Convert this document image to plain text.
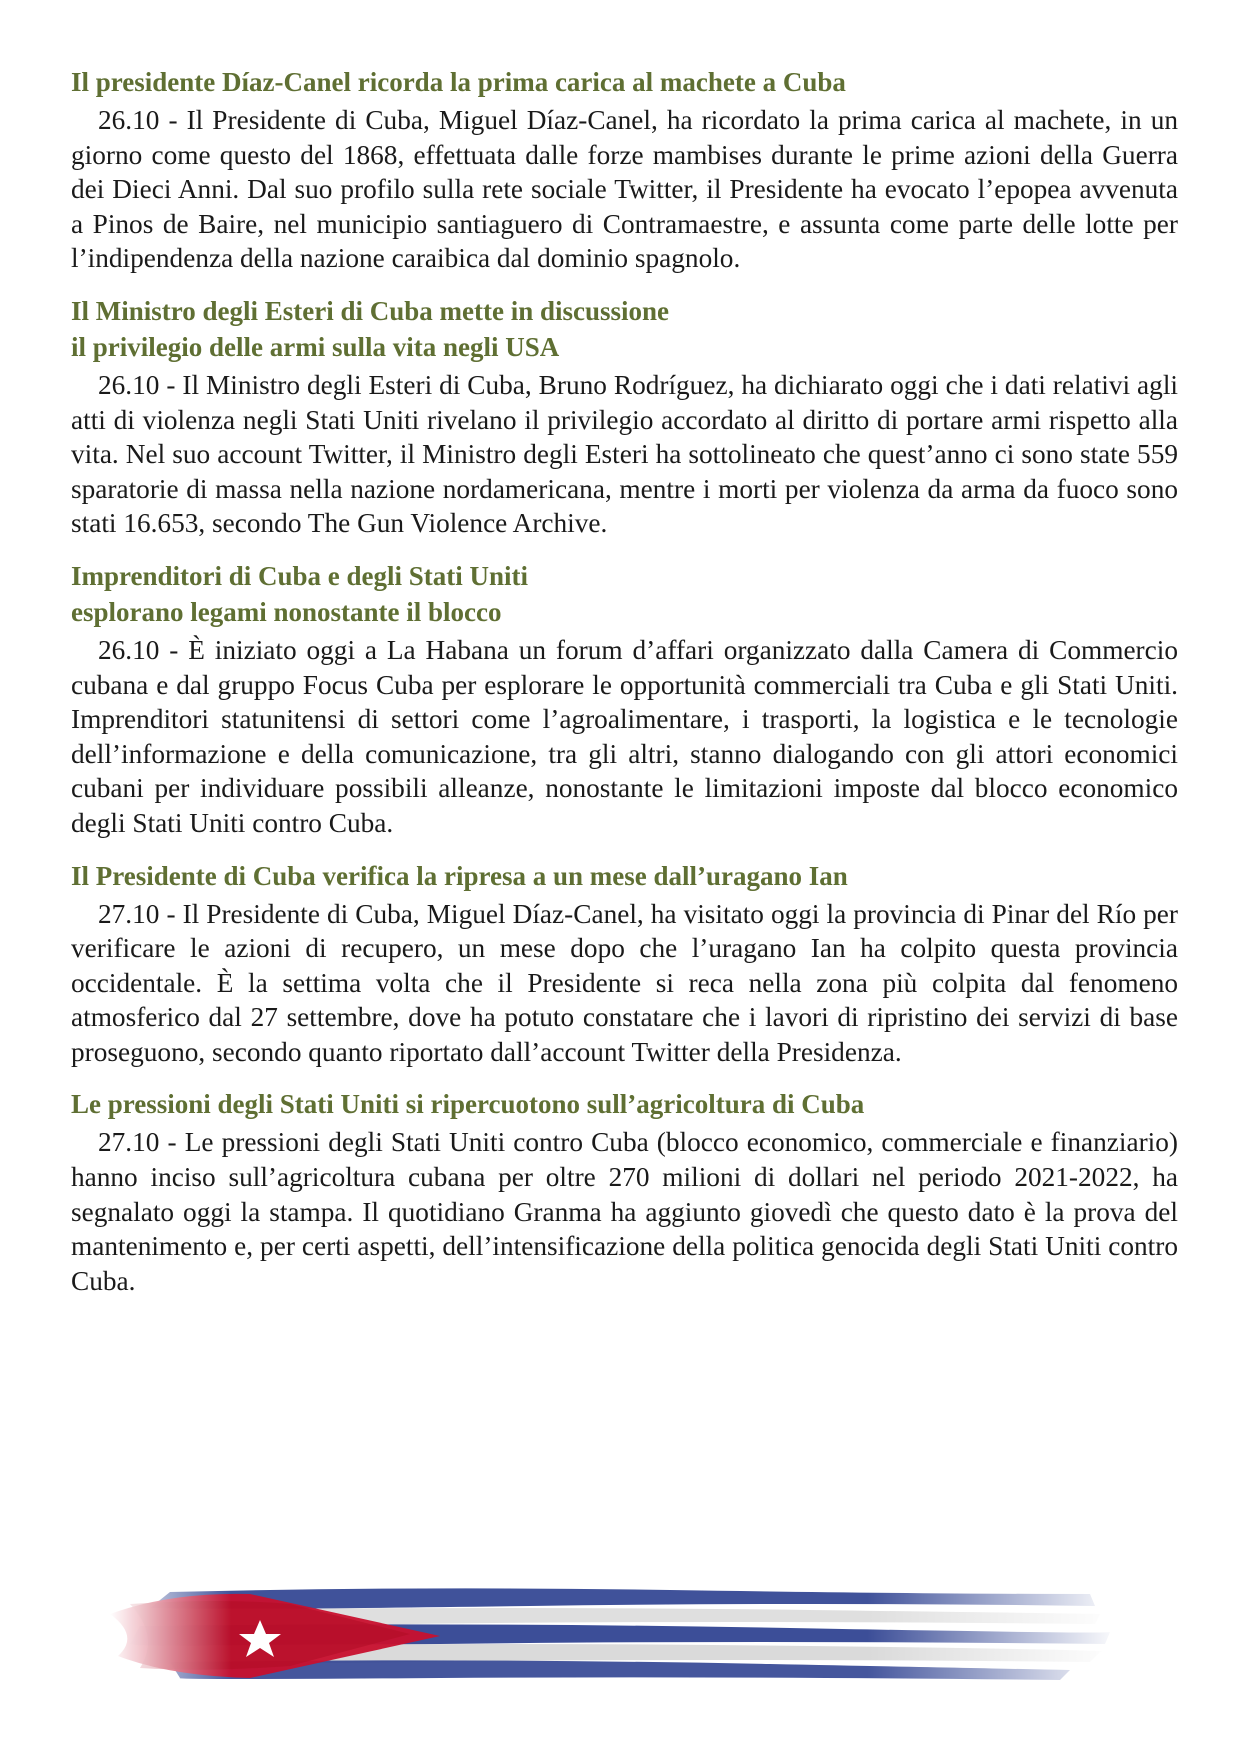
Il presidente Díaz-Canel ricorda la prima carica al machete a Cuba

26.10 - Il Presidente di Cuba, Miguel Díaz-Canel, ha ricordato la prima carica al machete, in un giorno come questo del 1868, effettuata dalle forze mambises durante le prime azioni della Guerra dei Dieci Anni. Dal suo profilo sulla rete sociale Twitter, il Presidente ha evocato l’epopea avvenuta a Pinos de Baire, nel municipio santiaguero di Contramaestre, e assunta come parte delle lotte per l’indipendenza della nazione caraibica dal dominio spagnolo.

Il Ministro degli Esteri di Cuba mette in discussione
il privilegio delle armi sulla vita negli USA

26.10 - Il Ministro degli Esteri di Cuba, Bruno Rodríguez, ha dichiarato oggi che i dati relativi agli atti di violenza negli Stati Uniti rivelano il privilegio accordato al diritto di portare armi rispetto alla vita. Nel suo account Twitter, il Ministro degli Esteri ha sottolineato che quest’anno ci sono state 559 sparatorie di massa nella nazione nordamericana, mentre i morti per violenza da arma da fuoco sono stati 16.653, secondo The Gun Violence Archive.

Imprenditori di Cuba e degli Stati Uniti
esplorano legami nonostante il blocco

26.10 - È iniziato oggi a La Habana un forum d’affari organizzato dalla Camera di Commercio cubana e dal gruppo Focus Cuba per esplorare le opportunità commerciali tra Cuba e gli Stati Uniti. Imprenditori statunitensi di settori come l’agroalimentare, i trasporti, la logistica e le tecnologie dell’informazione e della comunicazione, tra gli altri, stanno dialogando con gli attori economici cubani per individuare possibili alleanze, nonostante le limitazioni imposte dal blocco economico degli Stati Uniti contro Cuba.

Il Presidente di Cuba verifica la ripresa a un mese dall’uragano Ian

27.10 - Il Presidente di Cuba, Miguel Díaz-Canel, ha visitato oggi la provincia di Pinar del Río per verificare le azioni di recupero, un mese dopo che l’uragano Ian ha colpito questa provincia occidentale. È la settima volta che il Presidente si reca nella zona più colpita dal fenomeno atmosferico dal 27 settembre, dove ha potuto constatare che i lavori di ripristino dei servizi di base proseguono, secondo quanto riportato dall’account Twitter della Presidenza.

Le pressioni degli Stati Uniti si ripercuotono sull’agricoltura di Cuba

27.10 - Le pressioni degli Stati Uniti contro Cuba (blocco economico, commerciale e finanziario) hanno inciso sull’agricoltura cubana per oltre 270 milioni di dollari nel periodo 2021-2022, ha segnalato oggi la stampa. Il quotidiano Granma ha aggiunto giovedì che questo dato è la prova del mantenimento e, per certi aspetti, dell’intensificazione della politica genocida degli Stati Uniti contro Cuba.
